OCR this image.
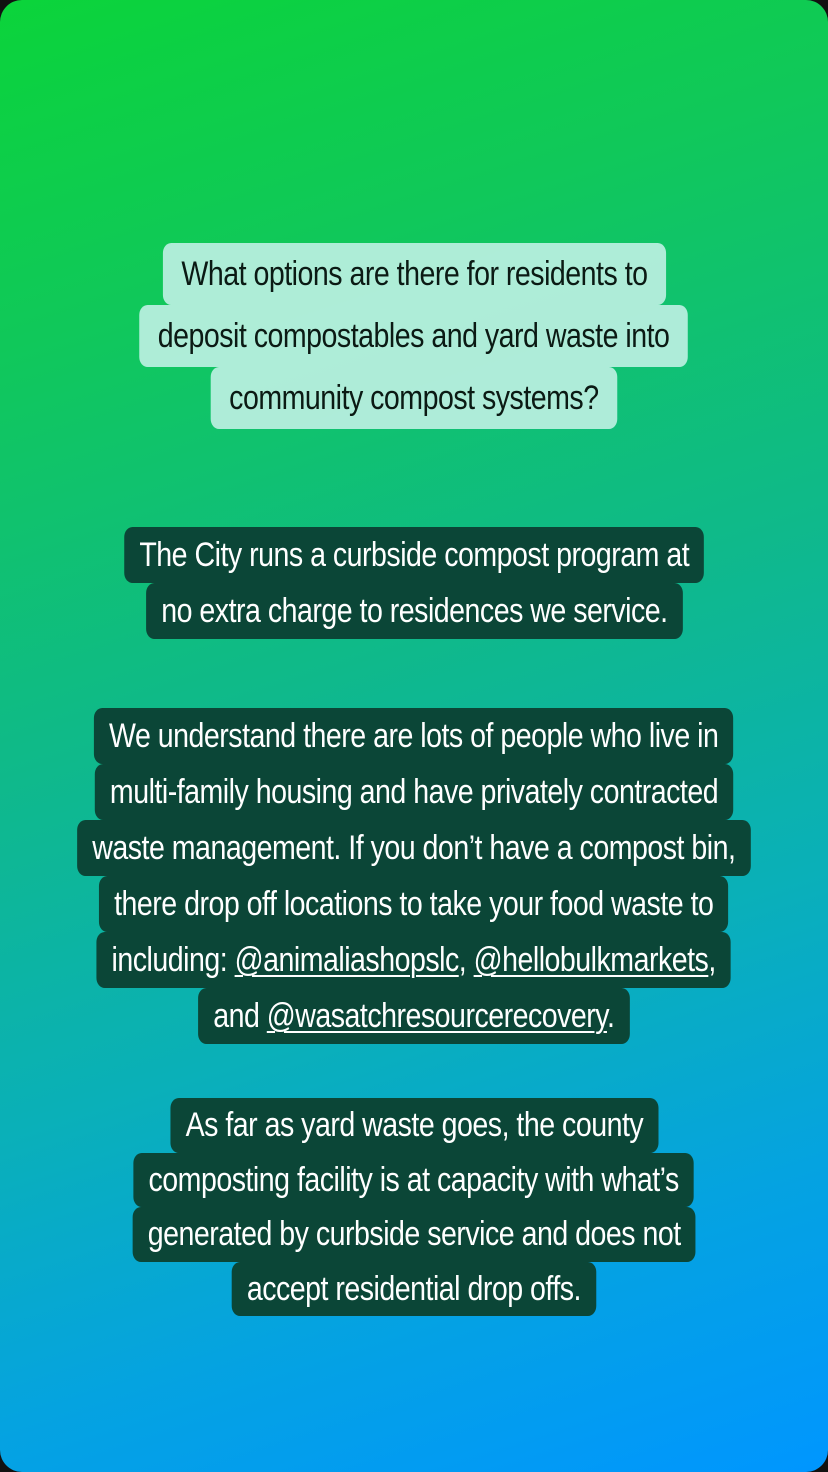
What options are there for residents to
deposit compostables and yard waste into
community compost systems?
The City runs a curbside compost program at
no extra charge to residences we service.
We understand there are lots of people who live in
multi-family housing and have privately contracted
waste management. If you don’t have a compost bin,
there drop off locations to take your food waste to
including: @animaliashopslc, @hellobulkmarkets,
and @wasatchresourcerecovery.
As far as yard waste goes, the county
composting facility is at capacity with what’s
generated by curbside service and does not
accept residential drop offs.
